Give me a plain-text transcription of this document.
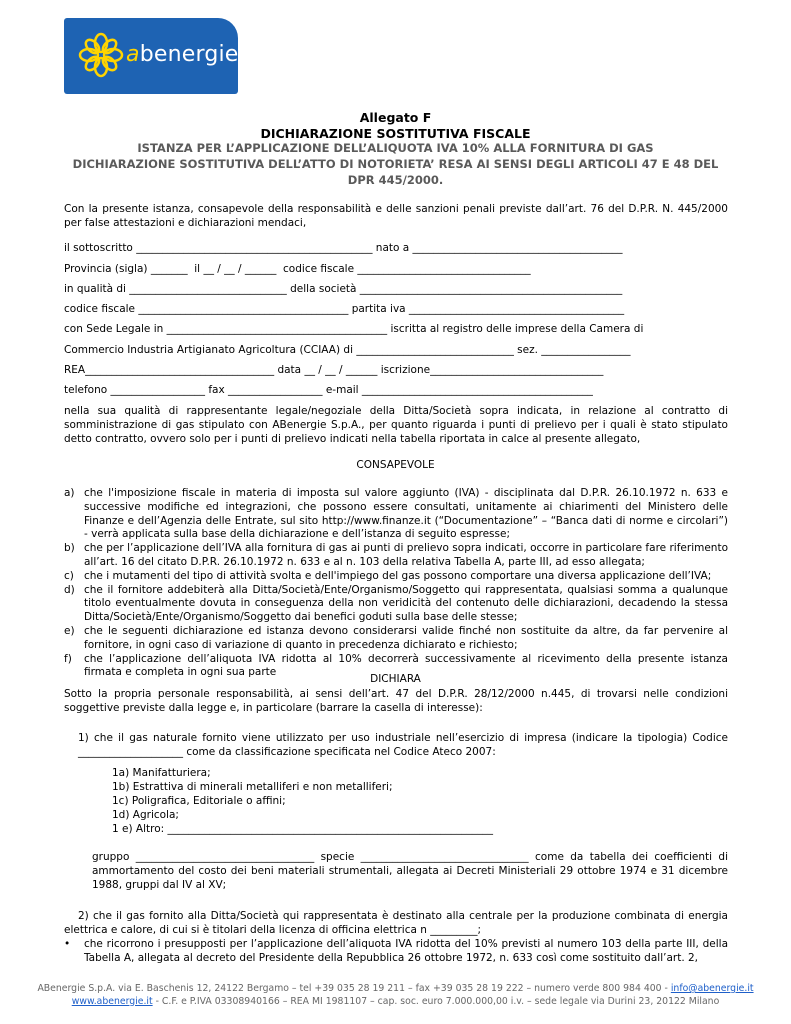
abenergie
Allegato F
DICHIARAZIONE SOSTITUTIVA FISCALE
ISTANZA PER L’APPLICAZIONE DELL’ALIQUOTA IVA 10% ALLA FORNITURA DI GAS
DICHIARAZIONE SOSTITUTIVA DELL’ATTO DI NOTORIETA’ RESA AI SENSI DEGLI ARTICOLI 47 E 48 DEL
DPR 445/2000.
Con la presente istanza, consapevole della responsabilità e delle sanzioni penali previste dall’art. 76 del D.P.R. N. 445/2000 per false attestazioni e dichiarazioni mendaci,
il sottoscritto _____________________________________________ nato a ________________________________________
Provincia (sigla) _______  il __ / __ / ______  codice fiscale _________________________________
in qualità di ______________________________ della società __________________________________________________
codice fiscale ________________________________________ partita iva _________________________________________
con Sede Legale in __________________________________________ iscritta al registro delle imprese della Camera di
Commercio Industria Artigianato Agricoltura (CCIAA) di ______________________________ sez. _________________
REA____________________________________ data __ / __ / ______ iscrizione_________________________________
telefono __________________ fax __________________ e-mail ____________________________________________
nella sua qualità di rappresentante legale/negoziale della Ditta/Società sopra indicata, in relazione al contratto di somministrazione di gas stipulato con ABenergie S.p.A., per quanto riguarda i punti di prelievo per i quali è stato stipulato detto contratto, ovvero solo per i punti di prelievo indicati nella tabella riportata in calce al presente allegato,
CONSAPEVOLE
a) che l'imposizione fiscale in materia di imposta sul valore aggiunto (IVA) - disciplinata dal D.P.R. 26.10.1972 n. 633 e successive modifiche ed integrazioni, che possono essere consultati, unitamente ai chiarimenti del Ministero delle Finanze e dell’Agenzia delle Entrate, sul sito http://www.finanze.it (“Documentazione” – “Banca dati di norme e circolari”) - verrà applicata sulla base della dichiarazione e dell’istanza di seguito espresse;
b) che per l’applicazione dell’IVA alla fornitura di gas ai punti di prelievo sopra indicati, occorre in particolare fare riferimento all’art. 16 del citato D.P.R. 26.10.1972 n. 633 e al n. 103 della relativa Tabella A, parte III, ad esso allegata;
c) che i mutamenti del tipo di attività svolta e dell'impiego del gas possono comportare una diversa applicazione dell’IVA;
d) che il fornitore addebiterà alla Ditta/Società/Ente/Organismo/Soggetto qui rappresentata, qualsiasi somma a qualunque titolo eventualmente dovuta in conseguenza della non veridicità del contenuto delle dichiarazioni, decadendo la stessa Ditta/Società/Ente/Organismo/Soggetto dai benefici goduti sulla base delle stesse;
e) che le seguenti dichiarazione ed istanza devono considerarsi valide finché non sostituite da altre, da far pervenire al fornitore, in ogni caso di variazione di quanto in precedenza dichiarato e richiesto;
f)	che l’applicazione dell’aliquota IVA ridotta al 10% decorrerà successivamente al ricevimento della presente istanza firmata e completa in ogni sua parte
DICHIARA
Sotto la propria personale responsabilità, ai sensi dell’art. 47 del D.P.R. 28/12/2000 n.445, di trovarsi nelle condizioni soggettive previste dalla legge e, in particolare (barrare la casella di interesse):
1) che il gas naturale fornito viene utilizzato per uso industriale nell’esercizio di impresa (indicare la tipologia) Codice ____________________ come da classificazione specificata nel Codice Ateco 2007:
1a) Manifatturiera;
1b) Estrattiva di minerali metalliferi e non metalliferi;
1c) Poligrafica, Editoriale o affini;
1d) Agricola;
1 e) Altro: ______________________________________________________________
gruppo __________________________________ specie ________________________________ come da tabella dei coefficienti di ammortamento del costo dei beni materiali strumentali, allegata ai Decreti Ministeriali 29 ottobre 1974 e 31 dicembre 1988, gruppi dal IV al XV;
2) che il gas fornito alla Ditta/Società qui rappresentata è destinato alla centrale per la produzione combinata di energia elettrica e calore, di cui si è titolari della licenza di officina elettrica n _________;
•	che ricorrono i presupposti per l’applicazione dell’aliquota IVA ridotta del 10% previsti al numero 103 della parte III, della Tabella A, allegata al decreto del Presidente della Repubblica 26 ottobre 1972, n. 633 così come sostituito dall’art. 2,
ABenergie S.p.A. via E. Baschenis 12, 24122 Bergamo – tel +39 035 28 19 211 – fax +39 035 28 19 222 – numero verde 800 984 400 - info@abenergie.it
www.abenergie.it - C.F. e P.IVA 03308940166 – REA MI 1981107 – cap. soc. euro 7.000.000,00 i.v. – sede legale via Durini 23, 20122 Milano
